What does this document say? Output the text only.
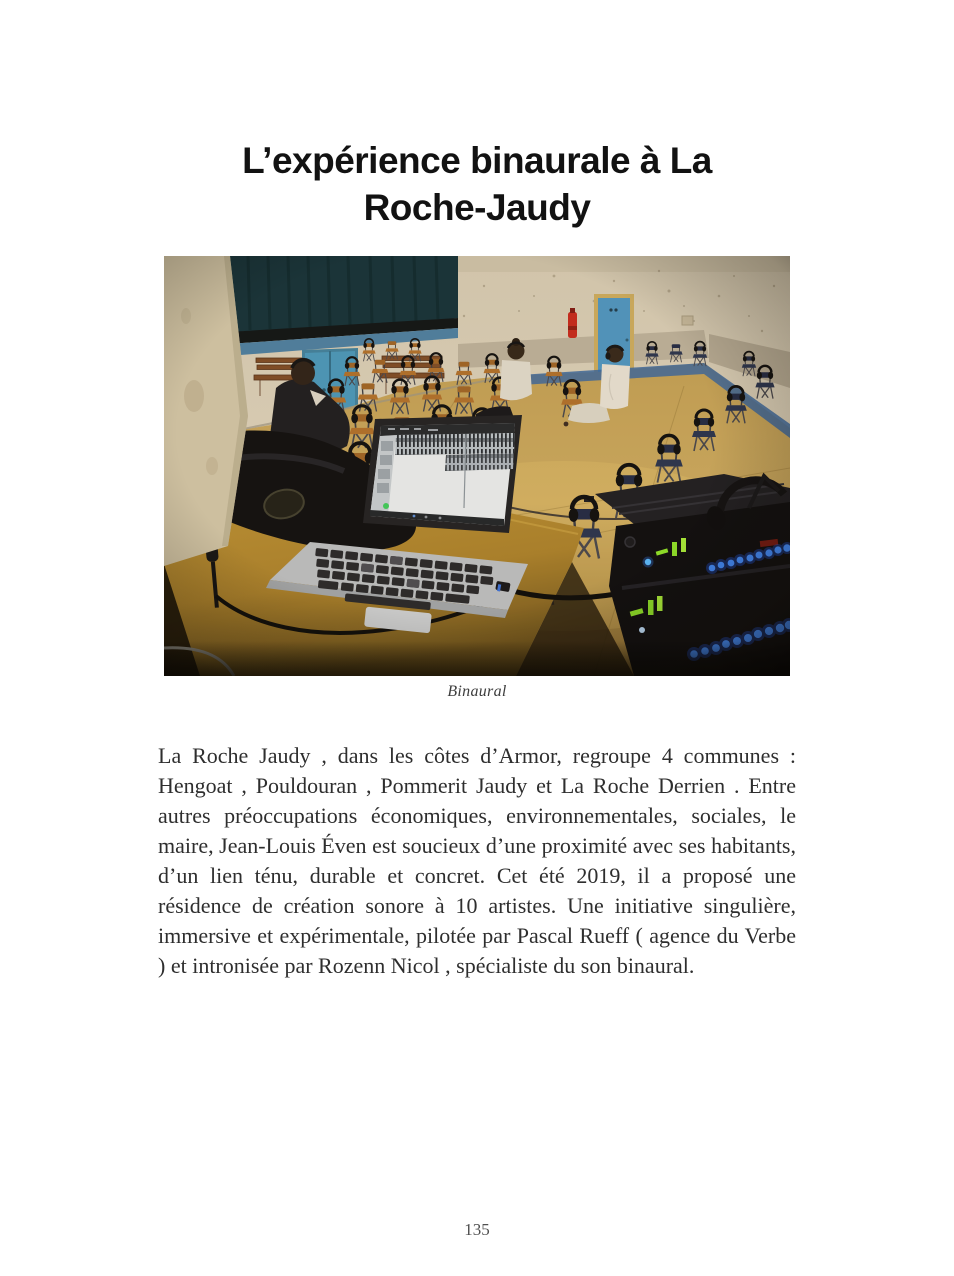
L’expérience binaurale à La
Roche-Jaudy
Binaural

La Roche Jaudy , dans les côtes d’Armor, regroupe 4 communes : Hengoat , Pouldouran , Pommerit Jaudy et La Roche Derrien . Entre autres préoccupations économiques, environnementales, sociales, le maire, Jean-Louis Éven est soucieux d’une proximité avec ses habitants, d’un lien ténu, durable et concret. Cet été 2019, il a proposé une résidence de création sonore à 10 artistes. Une initiative singulière, immersive et expérimentale, pilotée par Pascal Rueff ( agence du Verbe ) et intronisée par Rozenn Nicol , spécialiste du son binaural.

135
